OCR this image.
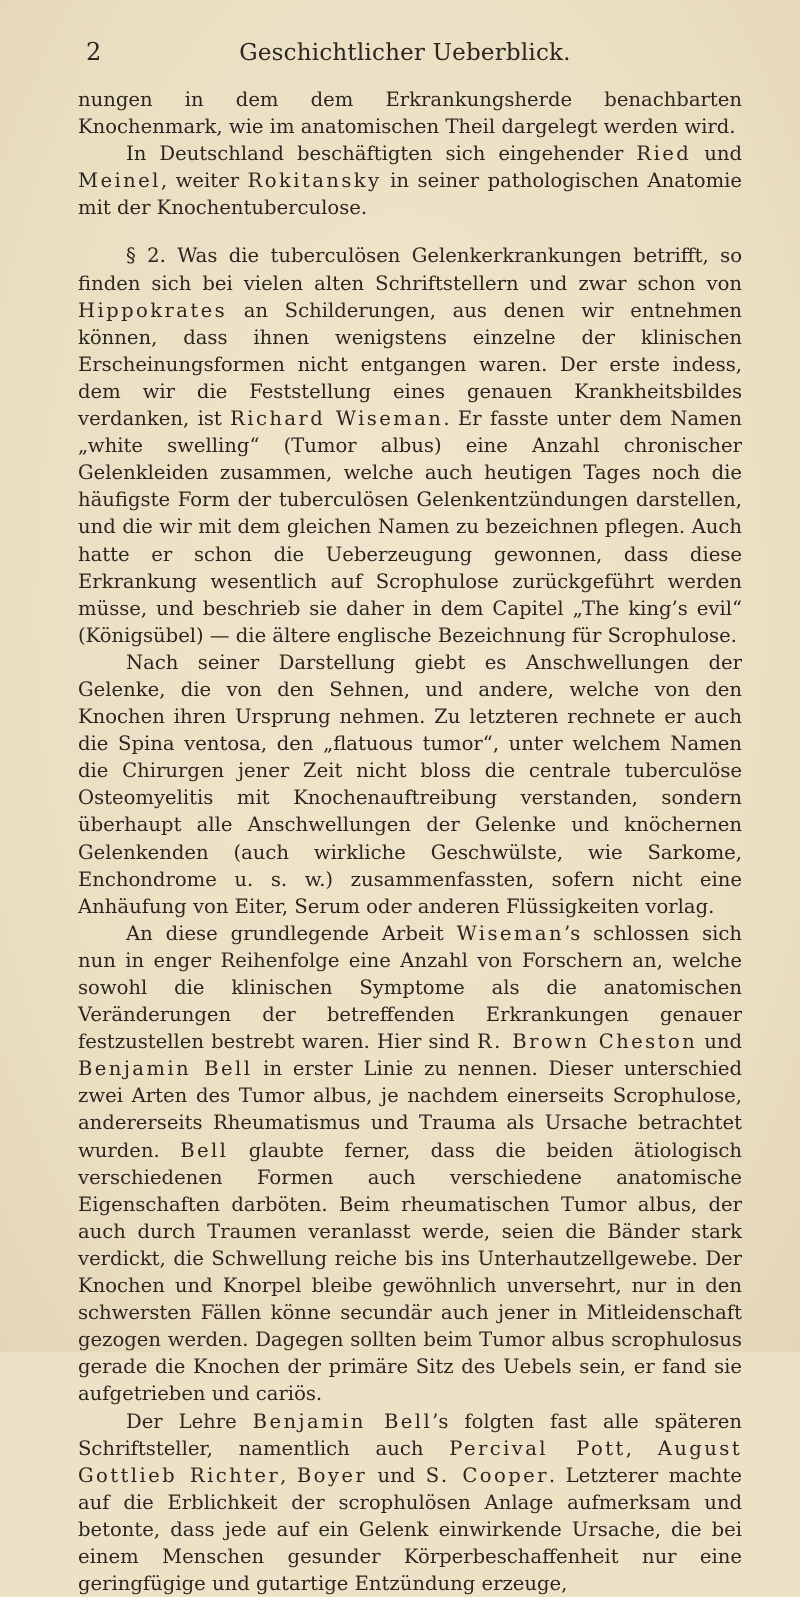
2	Geschichtlicher Ueberblick.

nungen in dem dem Erkrankungsherde benachbarten Knochenmark, wie im anatomischen Theil dargelegt werden wird.

In Deutschland beschäftigten sich eingehender Ried und Meinel, weiter Rokitansky in seiner pathologischen Anatomie mit der Knochentuberculose.

§ 2. Was die tuberculösen Gelenkerkrankungen betrifft, so finden sich bei vielen alten Schriftstellern und zwar schon von Hippokrates an Schilderungen, aus denen wir entnehmen können, dass ihnen wenigstens einzelne der klinischen Erscheinungsformen nicht entgangen waren. Der erste indess, dem wir die Feststellung eines genauen Krankheitsbildes verdanken, ist Richard Wiseman. Er fasste unter dem Namen „white swelling“ (Tumor albus) eine Anzahl chronischer Gelenkleiden zusammen, welche auch heutigen Tages noch die häufigste Form der tuberculösen Gelenkentzündungen darstellen, und die wir mit dem gleichen Namen zu bezeichnen pflegen. Auch hatte er schon die Ueberzeugung gewonnen, dass diese Erkrankung wesentlich auf Scrophulose zurückgeführt werden müsse, und beschrieb sie daher in dem Capitel „The king’s evil“ (Königsübel) — die ältere englische Bezeichnung für Scrophulose.

Nach seiner Darstellung giebt es Anschwellungen der Gelenke, die von den Sehnen, und andere, welche von den Knochen ihren Ursprung nehmen. Zu letzteren rechnete er auch die Spina ventosa, den „flatuous tumor“, unter welchem Namen die Chirurgen jener Zeit nicht bloss die centrale tuberculöse Osteomyelitis mit Knochenauftreibung verstanden, sondern überhaupt alle Anschwellungen der Gelenke und knöchernen Gelenkenden (auch wirkliche Geschwülste, wie Sarkome, Enchondrome u. s. w.) zusammenfassten, sofern nicht eine Anhäufung von Eiter, Serum oder anderen Flüssigkeiten vorlag.

An diese grundlegende Arbeit Wiseman’s schlossen sich nun in enger Reihenfolge eine Anzahl von Forschern an, welche sowohl die klinischen Symptome als die anatomischen Veränderungen der betreffenden Erkrankungen genauer festzustellen bestrebt waren. Hier sind R. Brown Cheston und Benjamin Bell in erster Linie zu nennen. Dieser unterschied zwei Arten des Tumor albus, je nachdem einerseits Scrophulose, andererseits Rheumatismus und Trauma als Ursache betrachtet wurden. Bell glaubte ferner, dass die beiden ätiologisch verschiedenen Formen auch verschiedene anatomische Eigenschaften darböten. Beim rheumatischen Tumor albus, der auch durch Traumen veranlasst werde, seien die Bänder stark verdickt, die Schwellung reiche bis ins Unterhautzellgewebe. Der Knochen und Knorpel bleibe gewöhnlich unversehrt, nur in den schwersten Fällen könne secundär auch jener in Mitleidenschaft gezogen werden. Dagegen sollten beim Tumor albus scrophulosus gerade die Knochen der primäre Sitz des Uebels sein, er fand sie aufgetrieben und cariös.

Der Lehre Benjamin Bell’s folgten fast alle späteren Schriftsteller, namentlich auch Percival Pott, August Gottlieb Richter, Boyer und S. Cooper. Letzterer machte auf die Erblichkeit der scrophulösen Anlage aufmerksam und betonte, dass jede auf ein Gelenk einwirkende Ursache, die bei einem Menschen gesunder Körperbeschaffenheit nur eine geringfügige und gutartige Entzündung erzeuge,
